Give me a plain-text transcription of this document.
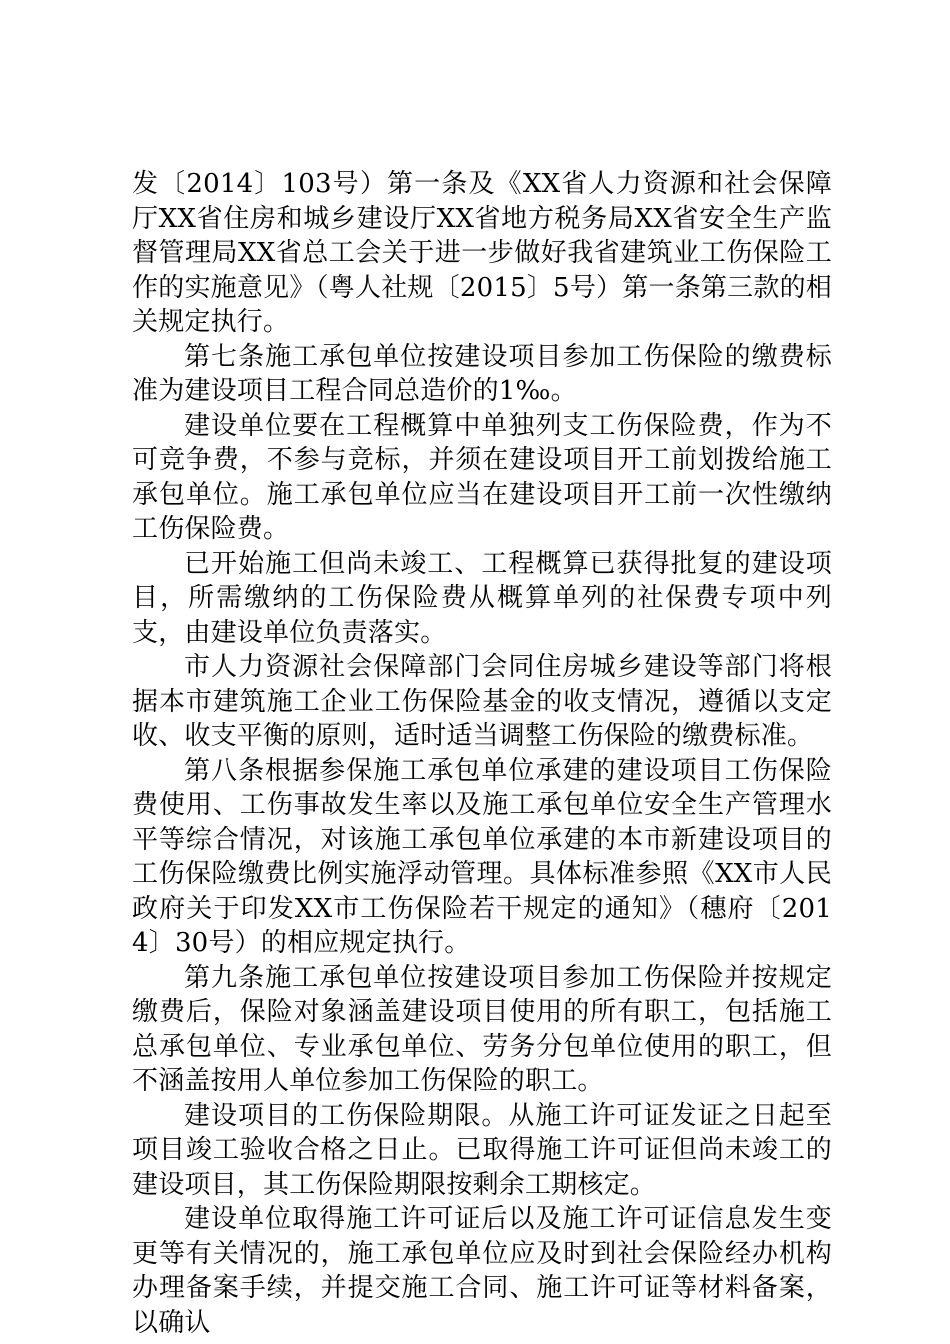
发〔2014〕103号）第一条及《XX省人力资源和社会保障厅XX省住房和城乡建设厅XX省地方税务局XX省安全生产监督管理局XX省总工会关于进一步做好我省建筑业工伤保险工作的实施意见》（粤人社规〔2015〕5号）第一条第三款的相关规定执行。

第七条施工承包单位按建设项目参加工伤保险的缴费标准为建设项目工程合同总造价的1‰。

建设单位要在工程概算中单独列支工伤保险费，作为不可竞争费，不参与竞标，并须在建设项目开工前划拨给施工承包单位。施工承包单位应当在建设项目开工前一次性缴纳工伤保险费。

已开始施工但尚未竣工、工程概算已获得批复的建设项目，所需缴纳的工伤保险费从概算单列的社保费专项中列支，由建设单位负责落实。

市人力资源社会保障部门会同住房城乡建设等部门将根据本市建筑施工企业工伤保险基金的收支情况，遵循以支定收、收支平衡的原则，适时适当调整工伤保险的缴费标准。

第八条根据参保施工承包单位承建的建设项目工伤保险费使用、工伤事故发生率以及施工承包单位安全生产管理水平等综合情况，对该施工承包单位承建的本市新建设项目的工伤保险缴费比例实施浮动管理。具体标准参照《XX市人民政府关于印发XX市工伤保险若干规定的通知》（穗府〔2014〕30号）的相应规定执行。

第九条施工承包单位按建设项目参加工伤保险并按规定缴费后，保险对象涵盖建设项目使用的所有职工，包括施工总承包单位、专业承包单位、劳务分包单位使用的职工，但不涵盖按用人单位参加工伤保险的职工。

建设项目的工伤保险期限。从施工许可证发证之日起至项目竣工验收合格之日止。已取得施工许可证但尚未竣工的建设项目，其工伤保险期限按剩余工期核定。

建设单位取得施工许可证后以及施工许可证信息发生变更等有关情况的，施工承包单位应及时到社会保险经办机构办理备案手续，并提交施工合同、施工许可证等材料备案，以确认
